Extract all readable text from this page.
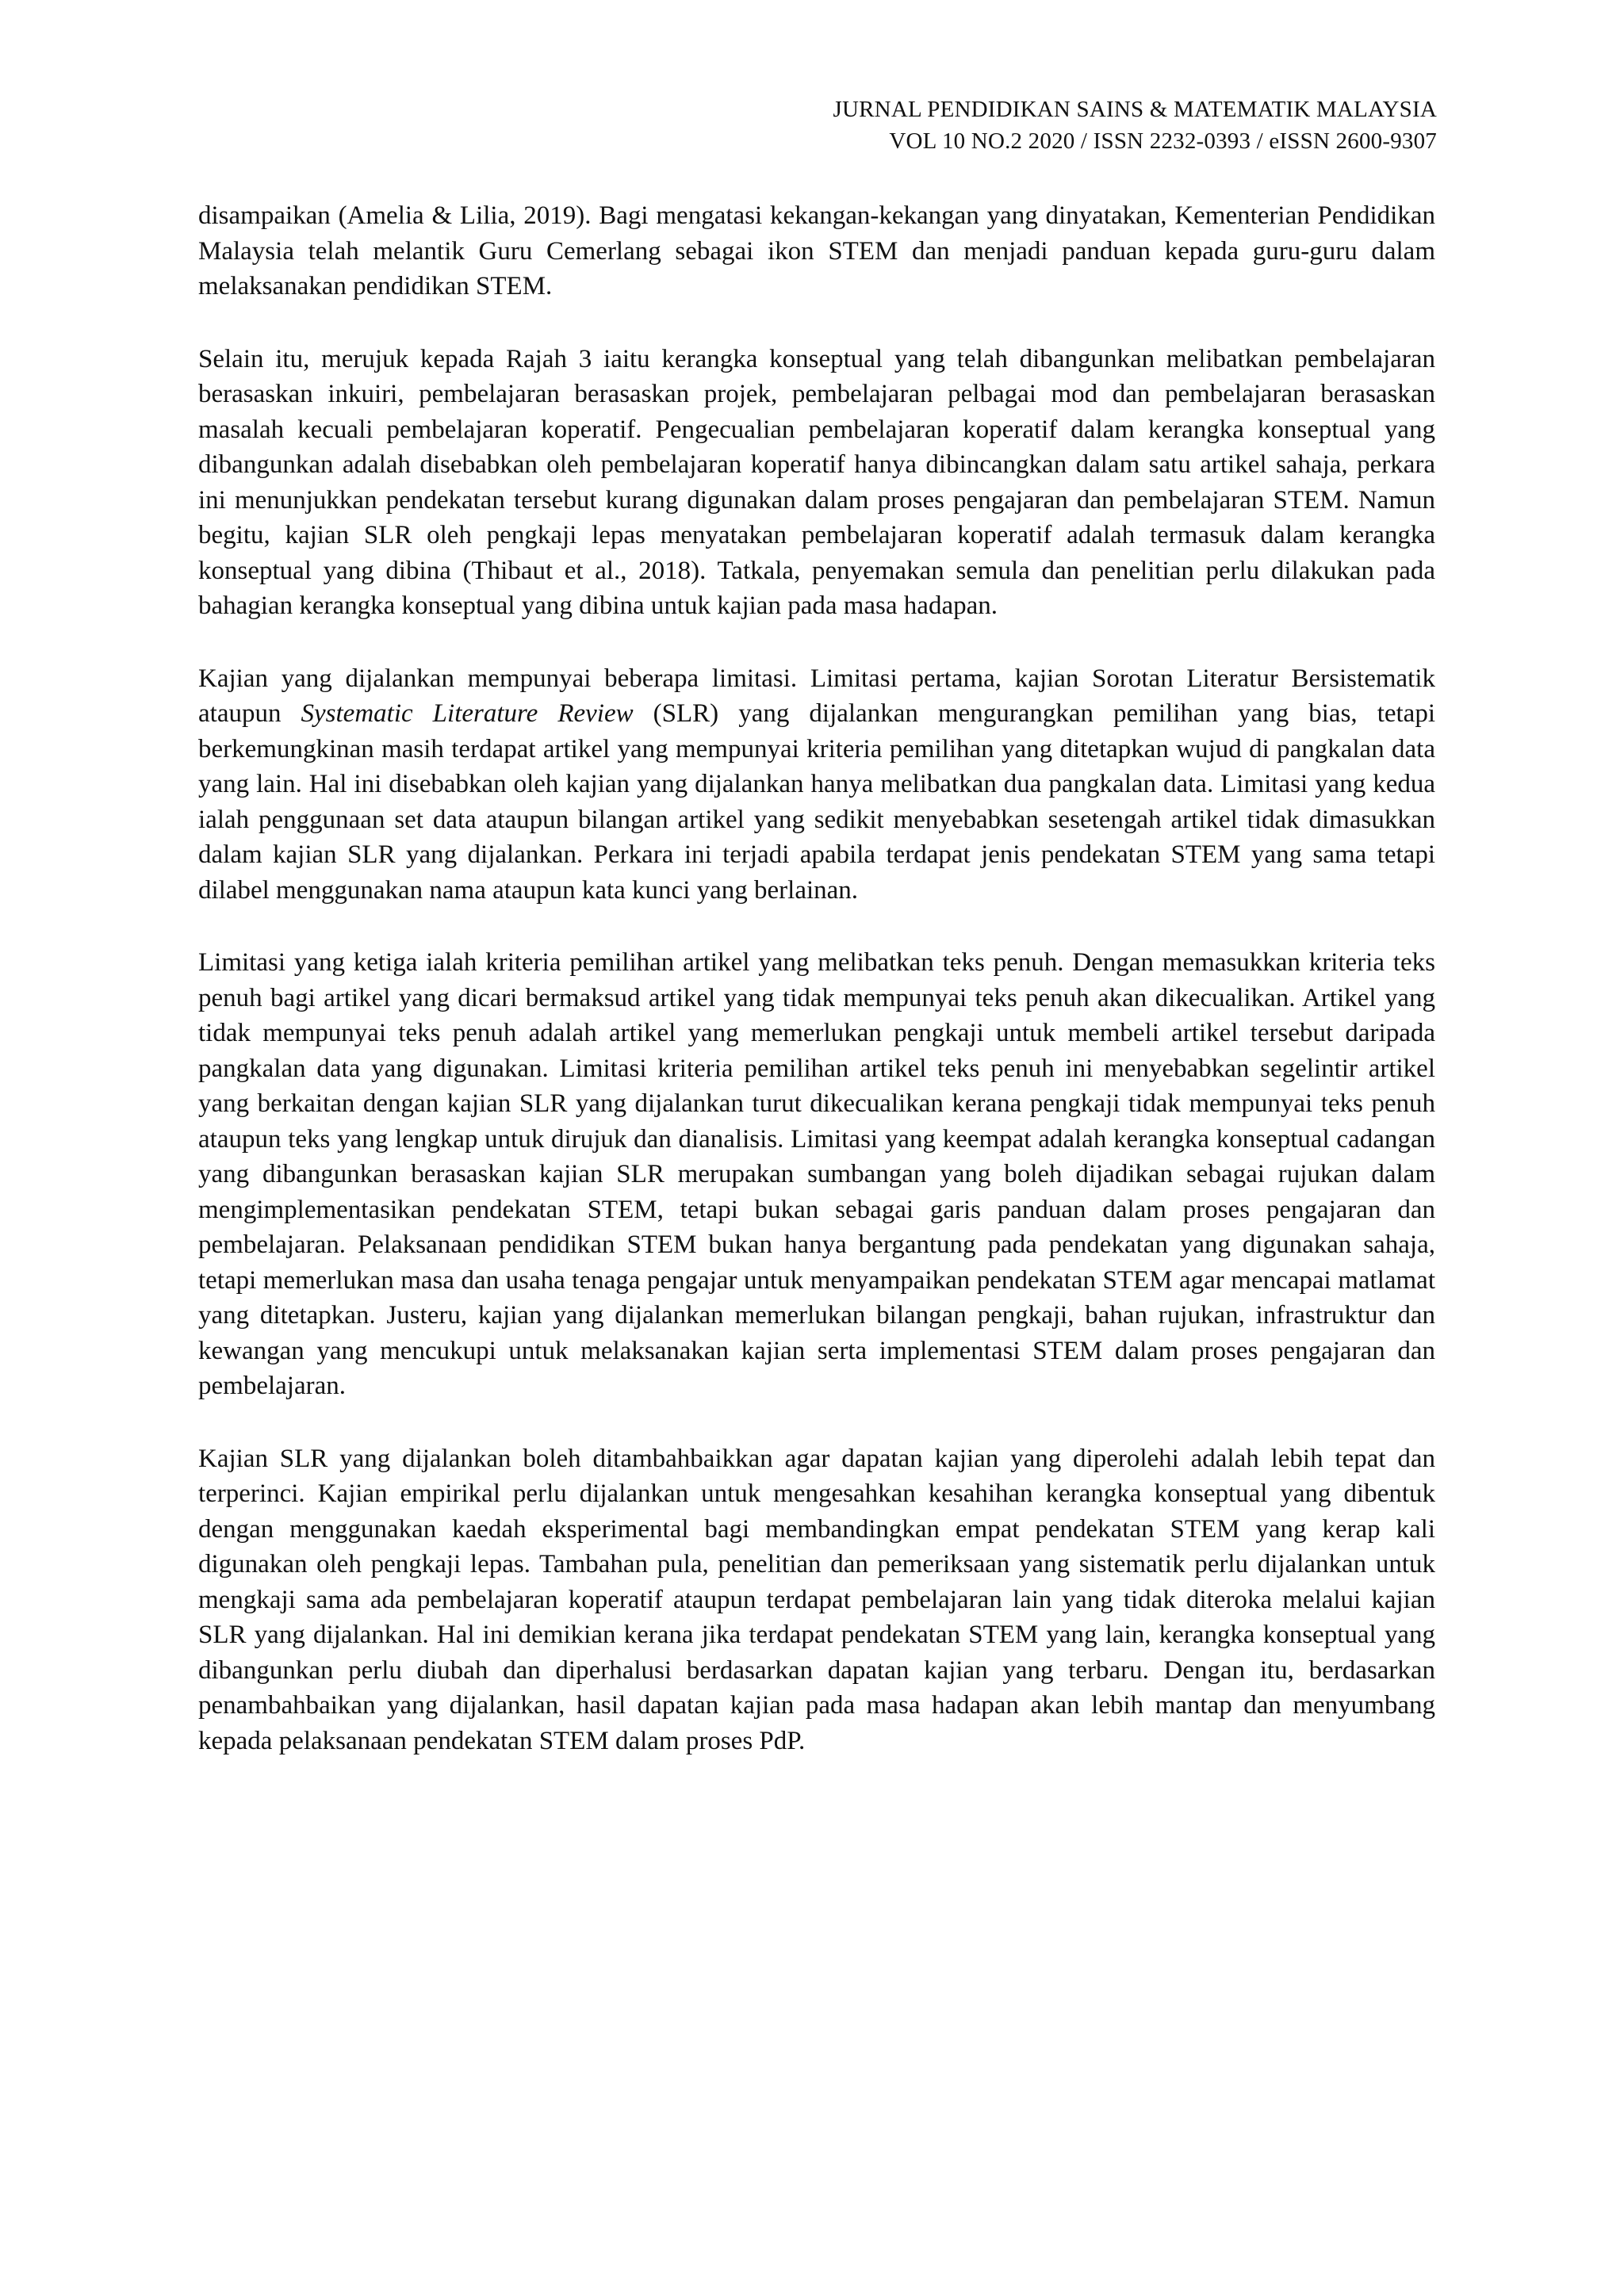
JURNAL PENDIDIKAN SAINS & MATEMATIK MALAYSIA
VOL 10 NO.2 2020 / ISSN 2232-0393 / eISSN 2600-9307

disampaikan (Amelia & Lilia, 2019). Bagi mengatasi kekangan-kekangan yang dinyatakan, Kementerian Pendidikan Malaysia telah melantik Guru Cemerlang sebagai ikon STEM dan menjadi panduan kepada guru-guru dalam melaksanakan pendidikan STEM.

Selain itu, merujuk kepada Rajah 3 iaitu kerangka konseptual yang telah dibangunkan melibatkan pembelajaran berasaskan inkuiri, pembelajaran berasaskan projek, pembelajaran pelbagai mod dan pembelajaran berasaskan masalah kecuali pembelajaran koperatif. Pengecualian pembelajaran koperatif dalam kerangka konseptual yang dibangunkan adalah disebabkan oleh pembelajaran koperatif hanya dibincangkan dalam satu artikel sahaja, perkara ini menunjukkan pendekatan tersebut kurang digunakan dalam proses pengajaran dan pembelajaran STEM. Namun begitu, kajian SLR oleh pengkaji lepas menyatakan pembelajaran koperatif adalah termasuk dalam kerangka konseptual yang dibina (Thibaut et al., 2018). Tatkala, penyemakan semula dan penelitian perlu dilakukan pada bahagian kerangka konseptual yang dibina untuk kajian pada masa hadapan.

Kajian yang dijalankan mempunyai beberapa limitasi. Limitasi pertama, kajian Sorotan Literatur Bersistematik ataupun Systematic Literature Review (SLR) yang dijalankan mengurangkan pemilihan yang bias, tetapi berkemungkinan masih terdapat artikel yang mempunyai kriteria pemilihan yang ditetapkan wujud di pangkalan data yang lain. Hal ini disebabkan oleh kajian yang dijalankan hanya melibatkan dua pangkalan data. Limitasi yang kedua ialah penggunaan set data ataupun bilangan artikel yang sedikit menyebabkan sesetengah artikel tidak dimasukkan dalam kajian SLR yang dijalankan. Perkara ini terjadi apabila terdapat jenis pendekatan STEM yang sama tetapi dilabel menggunakan nama ataupun kata kunci yang berlainan.

Limitasi yang ketiga ialah kriteria pemilihan artikel yang melibatkan teks penuh. Dengan memasukkan kriteria teks penuh bagi artikel yang dicari bermaksud artikel yang tidak mempunyai teks penuh akan dikecualikan. Artikel yang tidak mempunyai teks penuh adalah artikel yang memerlukan pengkaji untuk membeli artikel tersebut daripada pangkalan data yang digunakan. Limitasi kriteria pemilihan artikel teks penuh ini menyebabkan segelintir artikel yang berkaitan dengan kajian SLR yang dijalankan turut dikecualikan kerana pengkaji tidak mempunyai teks penuh ataupun teks yang lengkap untuk dirujuk dan dianalisis. Limitasi yang keempat adalah kerangka konseptual cadangan yang dibangunkan berasaskan kajian SLR merupakan sumbangan yang boleh dijadikan sebagai rujukan dalam mengimplementasikan pendekatan STEM, tetapi bukan sebagai garis panduan dalam proses pengajaran dan pembelajaran. Pelaksanaan pendidikan STEM bukan hanya bergantung pada pendekatan yang digunakan sahaja, tetapi memerlukan masa dan usaha tenaga pengajar untuk menyampaikan pendekatan STEM agar mencapai matlamat yang ditetapkan. Justeru, kajian yang dijalankan memerlukan bilangan pengkaji, bahan rujukan, infrastruktur dan kewangan yang mencukupi untuk melaksanakan kajian serta implementasi STEM dalam proses pengajaran dan pembelajaran.

Kajian SLR yang dijalankan boleh ditambahbaikkan agar dapatan kajian yang diperolehi adalah lebih tepat dan terperinci. Kajian empirikal perlu dijalankan untuk mengesahkan kesahihan kerangka konseptual yang dibentuk dengan menggunakan kaedah eksperimental bagi membandingkan empat pendekatan STEM yang kerap kali digunakan oleh pengkaji lepas. Tambahan pula, penelitian dan pemeriksaan yang sistematik perlu dijalankan untuk mengkaji sama ada pembelajaran koperatif ataupun terdapat pembelajaran lain yang tidak diteroka melalui kajian SLR yang dijalankan. Hal ini demikian kerana jika terdapat pendekatan STEM yang lain, kerangka konseptual yang dibangunkan perlu diubah dan diperhalusi berdasarkan dapatan kajian yang terbaru. Dengan itu, berdasarkan penambahbaikan yang dijalankan, hasil dapatan kajian pada masa hadapan akan lebih mantap dan menyumbang kepada pelaksanaan pendekatan STEM dalam proses PdP.
